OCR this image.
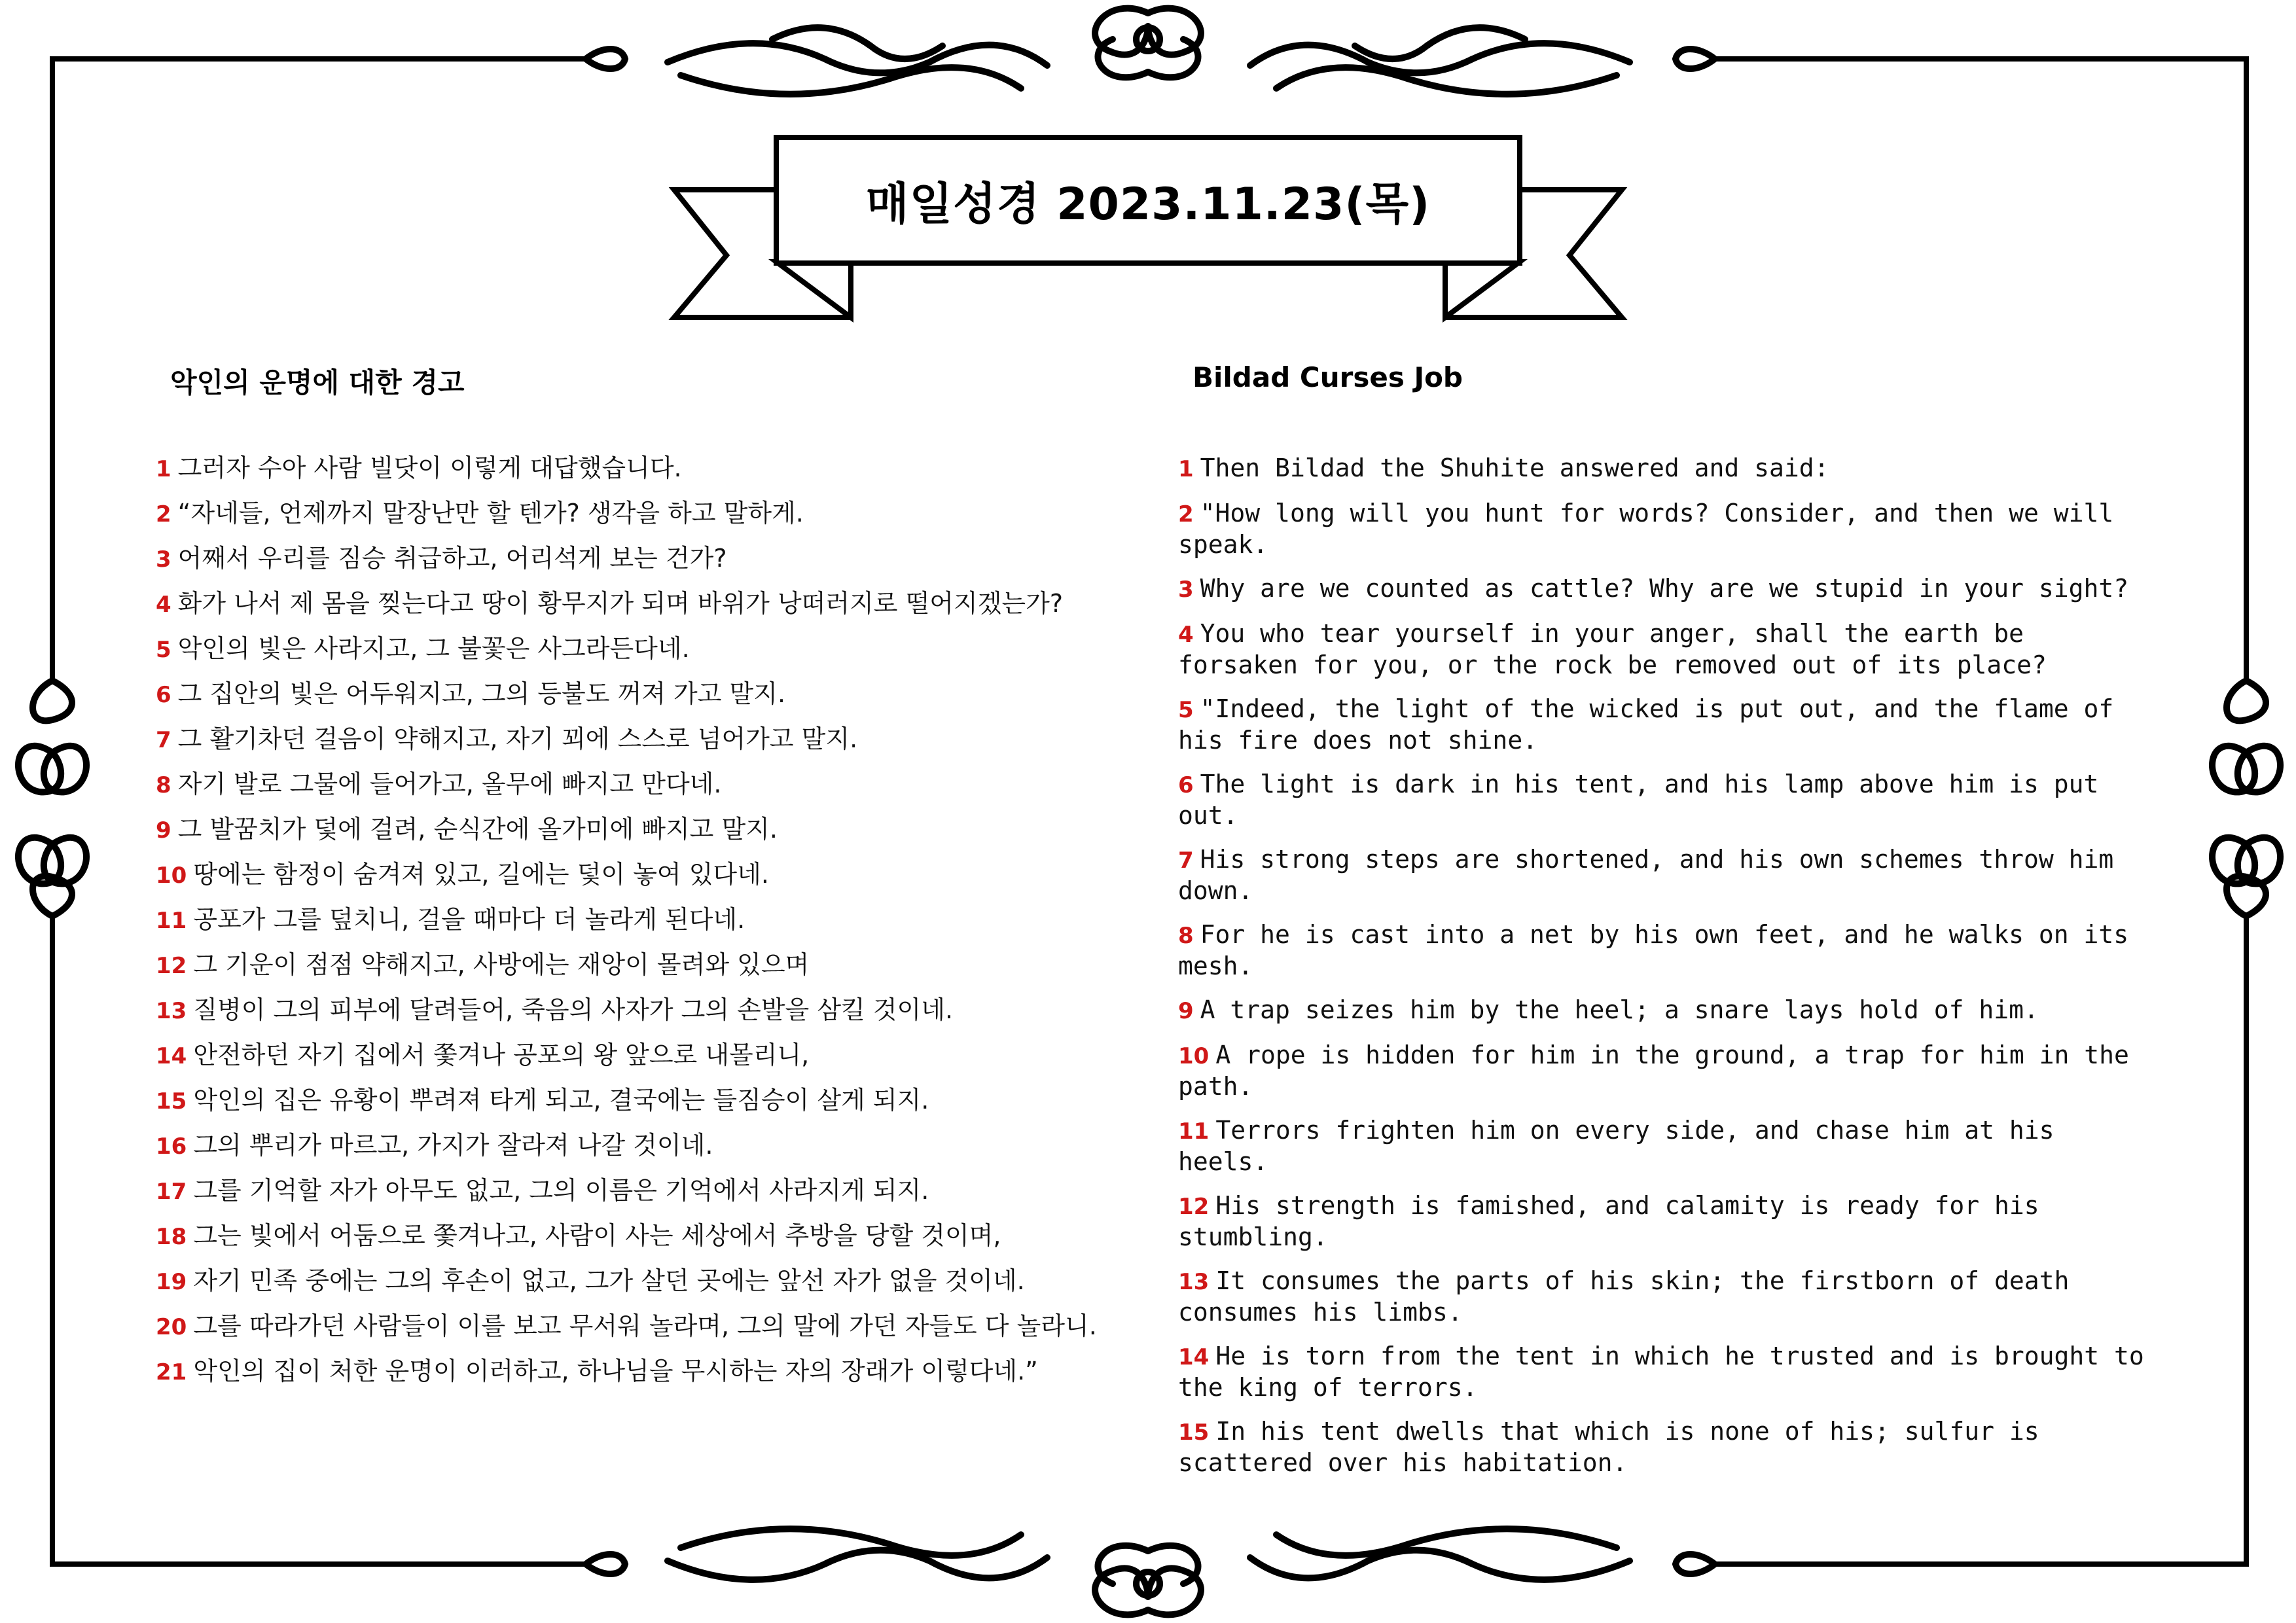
매일성경 2023.11.23(목)
악인의 운명에 대한 경고

1 그러자 수아 사람 빌닷이 이렇게 대답했습니다.

2 “자네들, 언제까지 말장난만 할 텐가? 생각을 하고 말하게.

3 어째서 우리를 짐승 취급하고, 어리석게 보는 건가?

4 화가 나서 제 몸을 찢는다고 땅이 황무지가 되며 바위가 낭떠러지로 떨어지겠는가?

5 악인의 빛은 사라지고, 그 불꽃은 사그라든다네.

6 그 집안의 빛은 어두워지고, 그의 등불도 꺼져 가고 말지.

7 그 활기차던 걸음이 약해지고, 자기 꾀에 스스로 넘어가고 말지.

8 자기 발로 그물에 들어가고, 올무에 빠지고 만다네.

9 그 발꿈치가 덫에 걸려, 순식간에 올가미에 빠지고 말지.

10 땅에는 함정이 숨겨져 있고, 길에는 덫이 놓여 있다네.

11 공포가 그를 덮치니, 걸을 때마다 더 놀라게 된다네.

12 그 기운이 점점 약해지고, 사방에는 재앙이 몰려와 있으며

13 질병이 그의 피부에 달려들어, 죽음의 사자가 그의 손발을 삼킬 것이네.

14 안전하던 자기 집에서 쫓겨나 공포의 왕 앞으로 내몰리니,

15 악인의 집은 유황이 뿌려져 타게 되고, 결국에는 들짐승이 살게 되지.

16 그의 뿌리가 마르고, 가지가 잘라져 나갈 것이네.

17 그를 기억할 자가 아무도 없고, 그의 이름은 기억에서 사라지게 되지.

18 그는 빛에서 어둠으로 쫓겨나고, 사람이 사는 세상에서 추방을 당할 것이며,

19 자기 민족 중에는 그의 후손이 없고, 그가 살던 곳에는 앞선 자가 없을 것이네.

20 그를 따라가던 사람들이 이를 보고 무서워 놀라며, 그의 말에 가던 자들도 다 놀라니.

21 악인의 집이 처한 운명이 이러하고, 하나님을 무시하는 자의 장래가 이렇다네.”

Bildad Curses Job

1 Then Bildad the Shuhite answered and said:

2 "How long will you hunt for words? Consider, and then we will speak.

3 Why are we counted as cattle? Why are we stupid in your sight?

4 You who tear yourself in your anger, shall the earth be forsaken for you, or the rock be removed out of its place?

5 "Indeed, the light of the wicked is put out, and the flame of his fire does not shine.

6 The light is dark in his tent, and his lamp above him is put out.

7 His strong steps are shortened, and his own schemes throw him down.

8 For he is cast into a net by his own feet, and he walks on its mesh.

9 A trap seizes him by the heel; a snare lays hold of him.

10 A rope is hidden for him in the ground, a trap for him in the path.

11 Terrors frighten him on every side, and chase him at his heels.

12 His strength is famished, and calamity is ready for his stumbling.

13 It consumes the parts of his skin; the firstborn of death consumes his limbs.

14 He is torn from the tent in which he trusted and is brought to the king of terrors.

15 In his tent dwells that which is none of his; sulfur is scattered over his habitation.
